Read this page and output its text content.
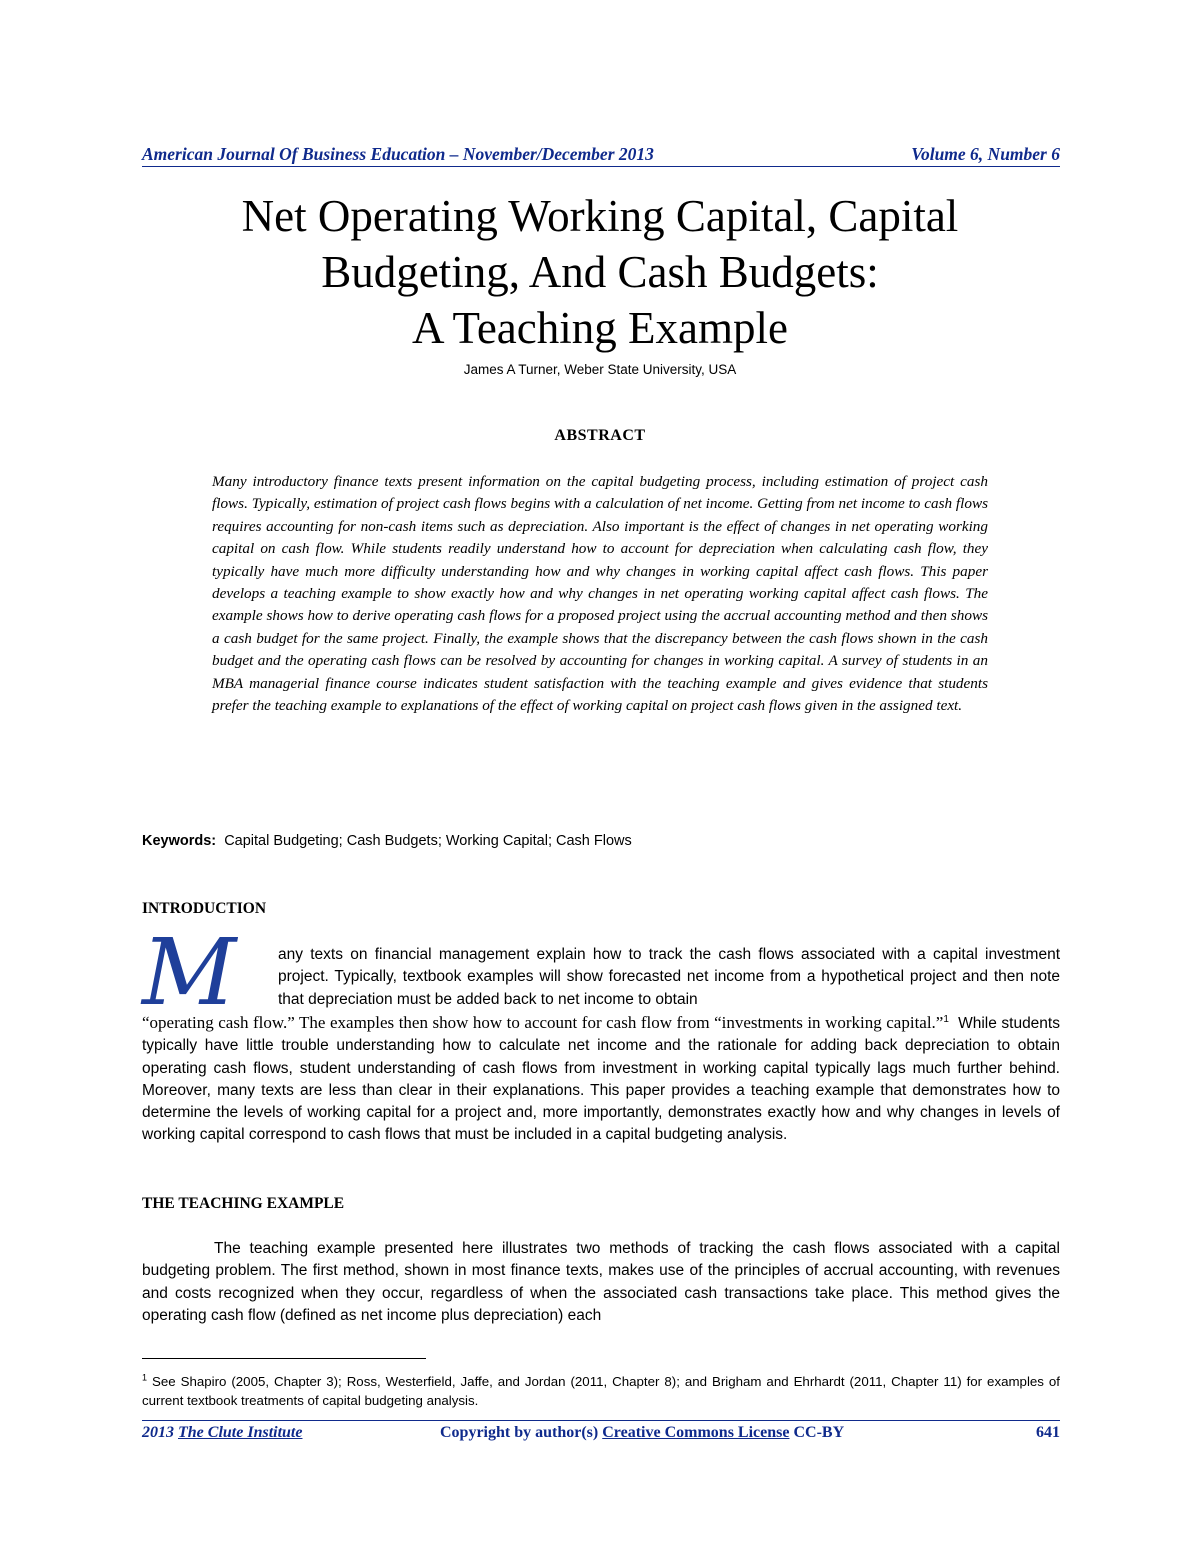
American Journal Of Business Education – November/December 2013	Volume 6, Number 6
Net Operating Working Capital, Capital
Budgeting, And Cash Budgets:
A Teaching Example
James A Turner, Weber State University, USA
ABSTRACT
Many introductory finance texts present information on the capital budgeting process, including estimation of project cash flows. Typically, estimation of project cash flows begins with a calculation of net income. Getting from net income to cash flows requires accounting for non-cash items such as depreciation. Also important is the effect of changes in net operating working capital on cash flow. While students readily understand how to account for depreciation when calculating cash flow, they typically have much more difficulty understanding how and why changes in working capital affect cash flows. This paper develops a teaching example to show exactly how and why changes in net operating working capital affect cash flows. The example shows how to derive operating cash flows for a proposed project using the accrual accounting method and then shows a cash budget for the same project. Finally, the example shows that the discrepancy between the cash flows shown in the cash budget and the operating cash flows can be resolved by accounting for changes in working capital. A survey of students in an MBA managerial finance course indicates student satisfaction with the teaching example and gives evidence that students prefer the teaching example to explanations of the effect of working capital on project cash flows given in the assigned text.
Keywords: Capital Budgeting; Cash Budgets; Working Capital; Cash Flows
INTRODUCTION
M	any texts on financial management explain how to track the cash flows associated with a capital investment project. Typically, textbook examples will show forecasted net income from a hypothetical project and then note that depreciation must be added back to net income to obtain
“operating cash flow.” The examples then show how to account for cash flow from “investments in working capital.”$^1$ While students typically have little trouble understanding how to calculate net income and the rationale for adding back depreciation to obtain operating cash flows, student understanding of cash flows from investment in working capital typically lags much further behind. Moreover, many texts are less than clear in their explanations. This paper provides a teaching example that demonstrates how to determine the levels of working capital for a project and, more importantly, demonstrates exactly how and why changes in levels of working capital correspond to cash flows that must be included in a capital budgeting analysis.
THE TEACHING EXAMPLE
The teaching example presented here illustrates two methods of tracking the cash flows associated with a capital budgeting problem. The first method, shown in most finance texts, makes use of the principles of accrual accounting, with revenues and costs recognized when they occur, regardless of when the associated cash transactions take place. This method gives the operating cash flow (defined as net income plus depreciation) each
$^1$ See Shapiro (2005, Chapter 3); Ross, Westerfield, Jaffe, and Jordan (2011, Chapter 8); and Brigham and Ehrhardt (2011, Chapter 11) for examples of current textbook treatments of capital budgeting analysis.
2013 The Clute Institute	Copyright by author(s) Creative Commons License CC-BY	641
